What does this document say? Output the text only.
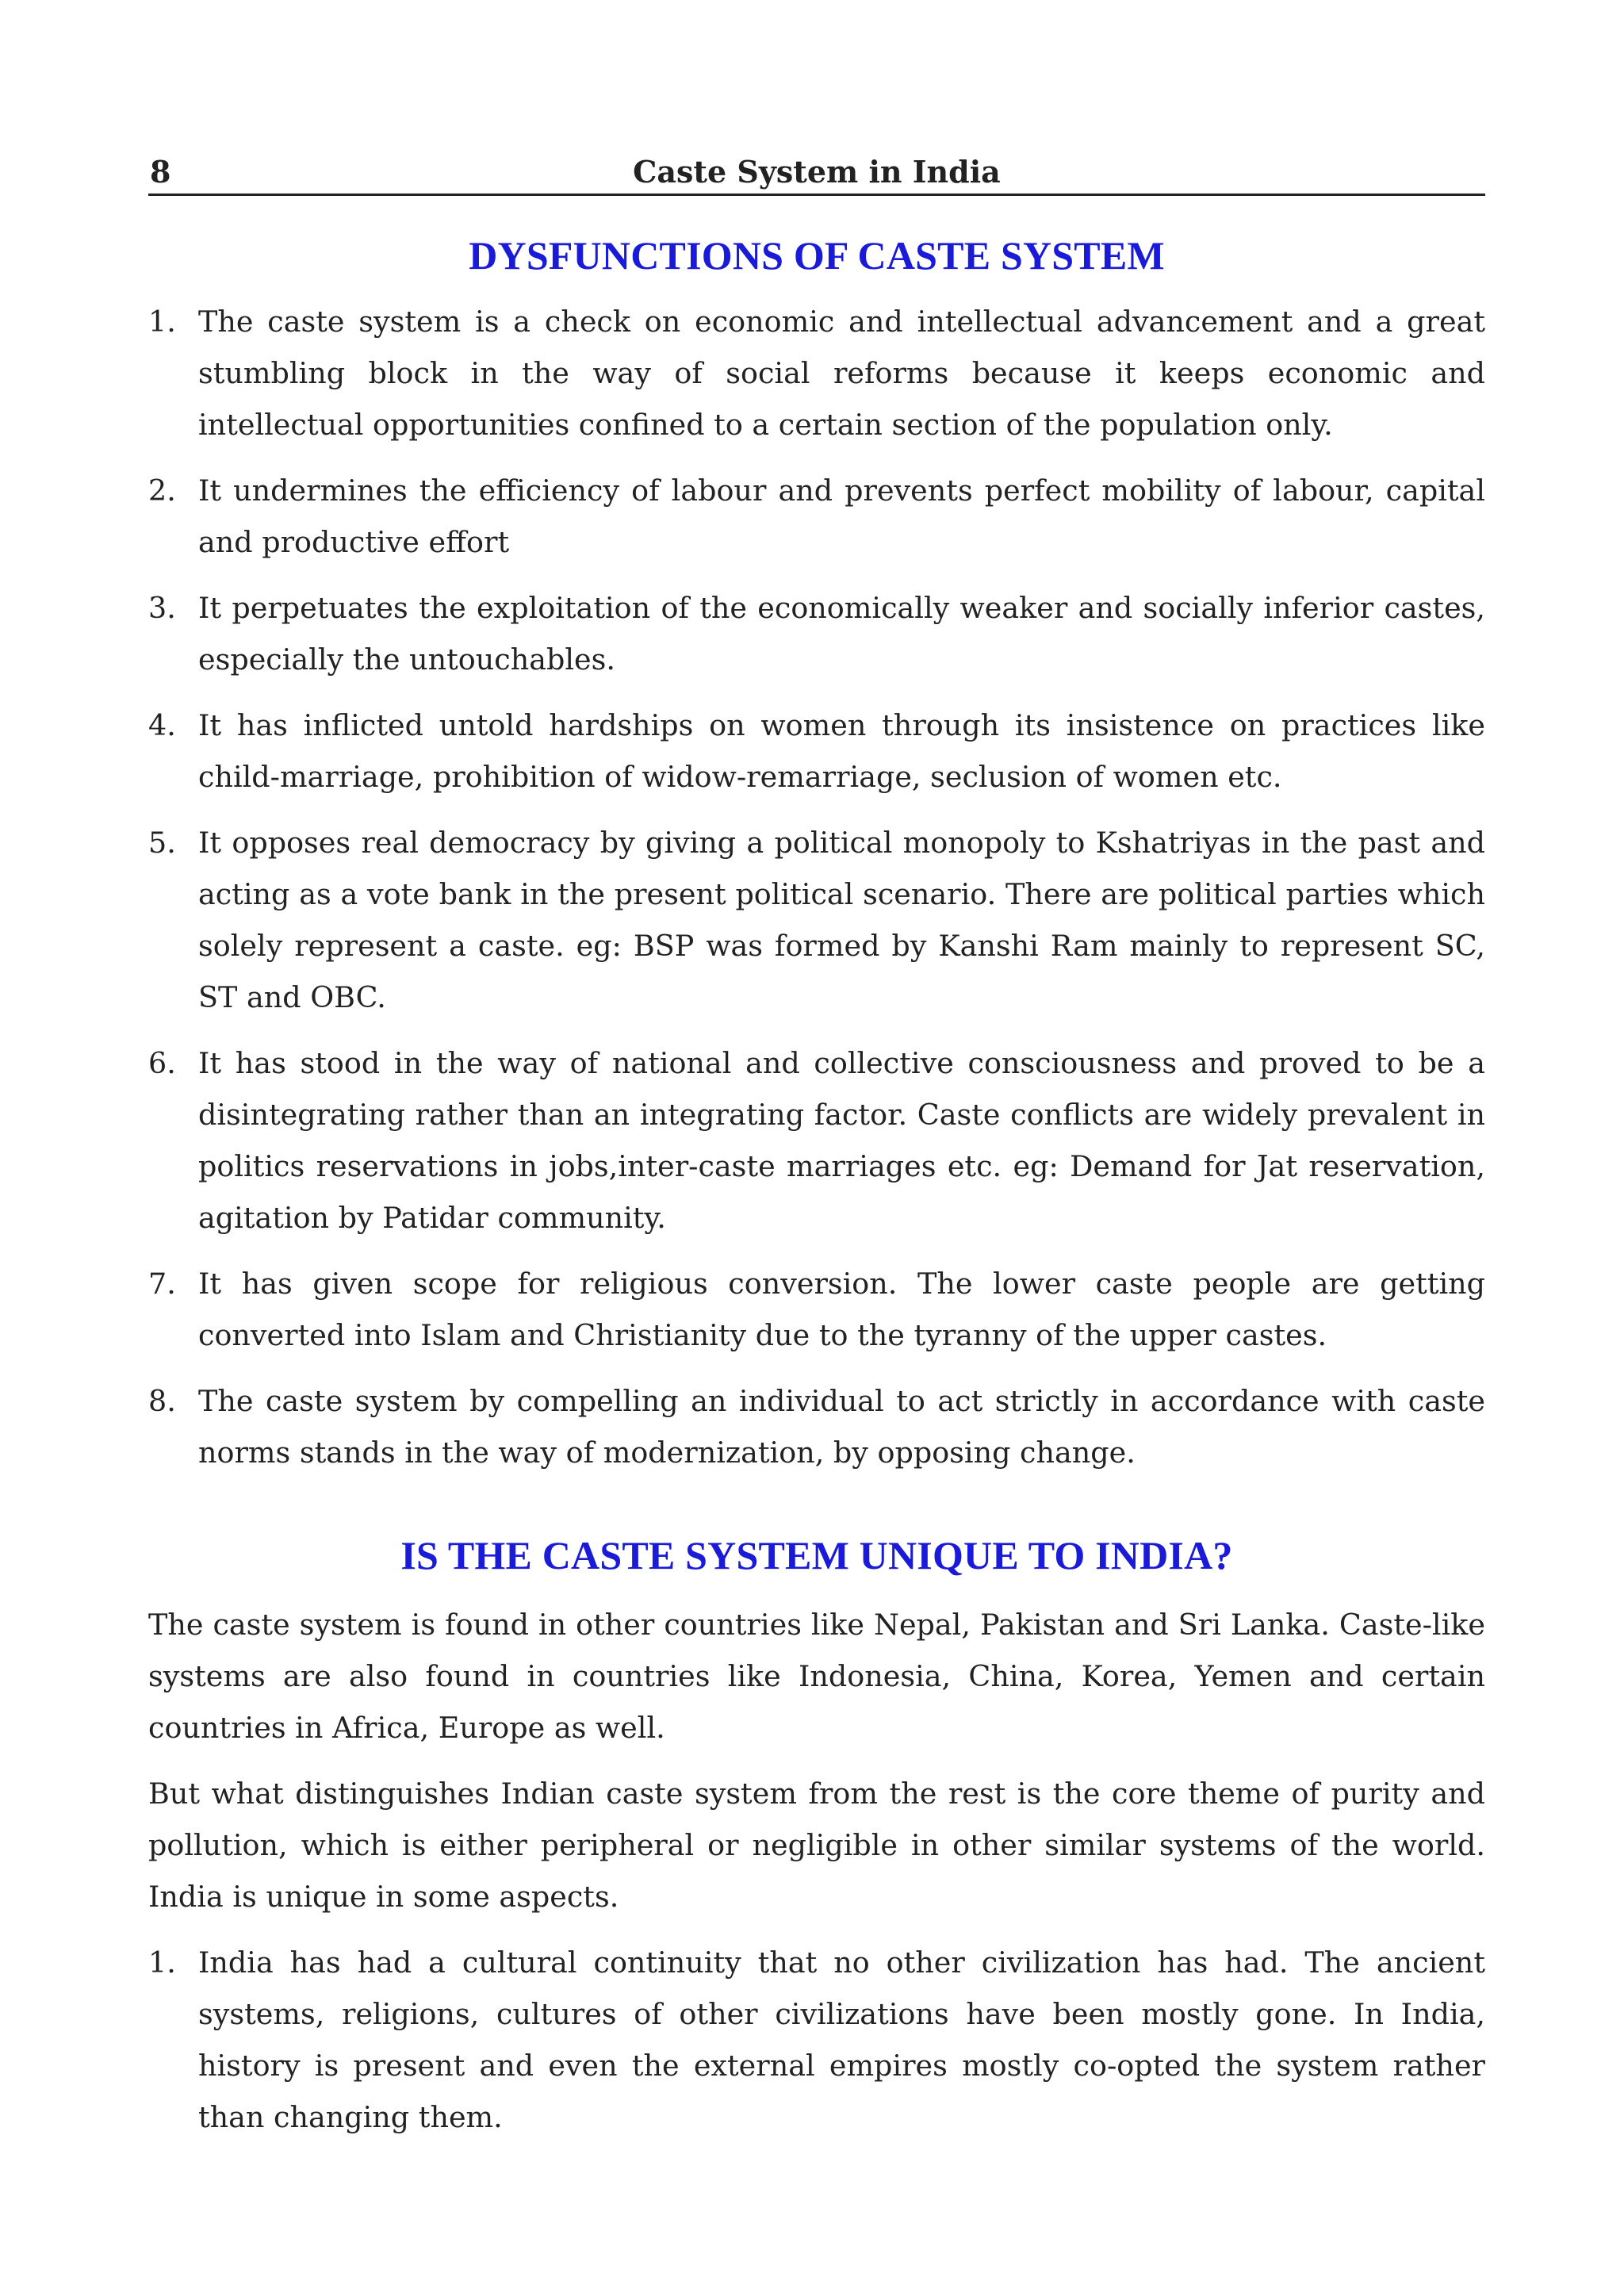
8	Caste System in India
DYSFUNCTIONS OF CASTE SYSTEM
1. The caste system is a check on economic and intellectual advancement and a great stumbling block in the way of social reforms because it keeps economic and intellectual opportunities confined to a certain section of the population only.
2. It undermines the efficiency of labour and prevents perfect mobility of labour, capital and productive effort
3. It perpetuates the exploitation of the economically weaker and socially inferior castes, especially the untouchables.
4. It has inflicted untold hardships on women through its insistence on practices like child-marriage, prohibition of widow-remarriage, seclusion of women etc.
5. It opposes real democracy by giving a political monopoly to Kshatriyas in the past and acting as a vote bank in the present political scenario. There are political parties which solely represent a caste. eg: BSP was formed by Kanshi Ram mainly to represent SC, ST and OBC.
6. It has stood in the way of national and collective consciousness and proved to be a disintegrating rather than an integrating factor. Caste conflicts are widely prevalent in politics reservations in jobs,inter-caste marriages etc. eg: Demand for Jat reservation, agitation by Patidar community.
7. It has given scope for religious conversion. The lower caste people are getting converted into Islam and Christianity due to the tyranny of the upper castes.
8. The caste system by compelling an individual to act strictly in accordance with caste norms stands in the way of modernization, by opposing change.
IS THE CASTE SYSTEM UNIQUE TO INDIA?

The caste system is found in other countries like Nepal, Pakistan and Sri Lanka. Caste-like systems are also found in countries like Indonesia, China, Korea, Yemen and certain countries in Africa, Europe as well.

But what distinguishes Indian caste system from the rest is the core theme of purity and pollution, which is either peripheral or negligible in other similar systems of the world. India is unique in some aspects.

1. India has had a cultural continuity that no other civilization has had. The ancient systems, religions, cultures of other civilizations have been mostly gone. In India, history is present and even the external empires mostly co-opted the system rather than changing them.
